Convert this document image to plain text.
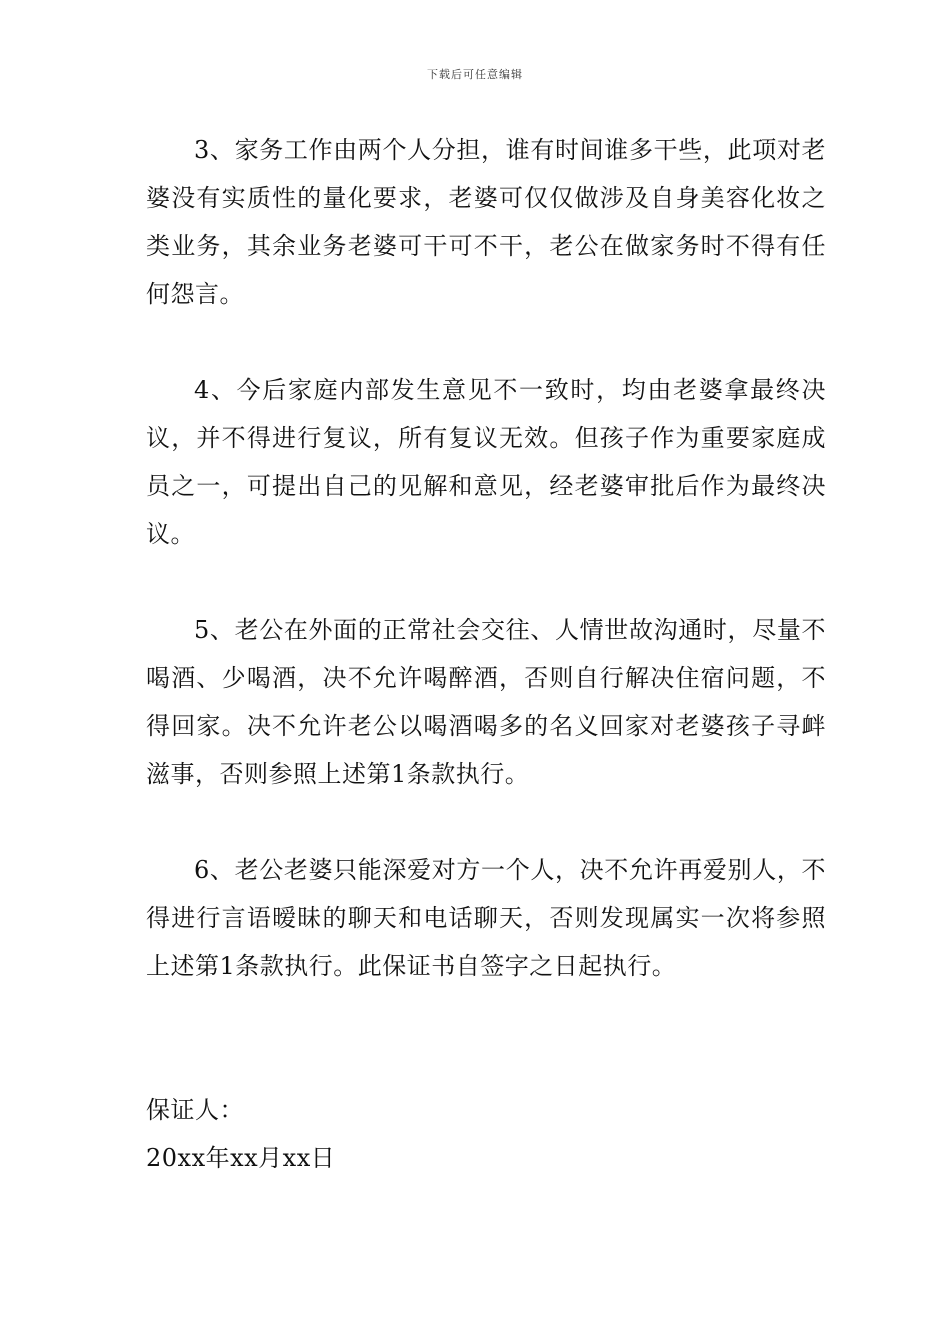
下载后可任意编辑

3、家务工作由两个人分担，谁有时间谁多干些，此项对老婆没有实质性的量化要求，老婆可仅仅做涉及自身美容化妆之类业务，其余业务老婆可干可不干，老公在做家务时不得有任何怨言。

4、今后家庭内部发生意见不一致时，均由老婆拿最终决议，并不得进行复议，所有复议无效。但孩子作为重要家庭成员之一，可提出自己的见解和意见，经老婆审批后作为最终决议。

5、老公在外面的正常社会交往、人情世故沟通时，尽量不喝酒、少喝酒，决不允许喝醉酒，否则自行解决住宿问题，不得回家。决不允许老公以喝酒喝多的名义回家对老婆孩子寻衅滋事，否则参照上述第1条款执行。

6、老公老婆只能深爱对方一个人，决不允许再爱别人，不得进行言语暧昧的聊天和电话聊天，否则发现属实一次将参照上述第1条款执行。此保证书自签字之日起执行。

保证人：

20xx年xx月xx日
